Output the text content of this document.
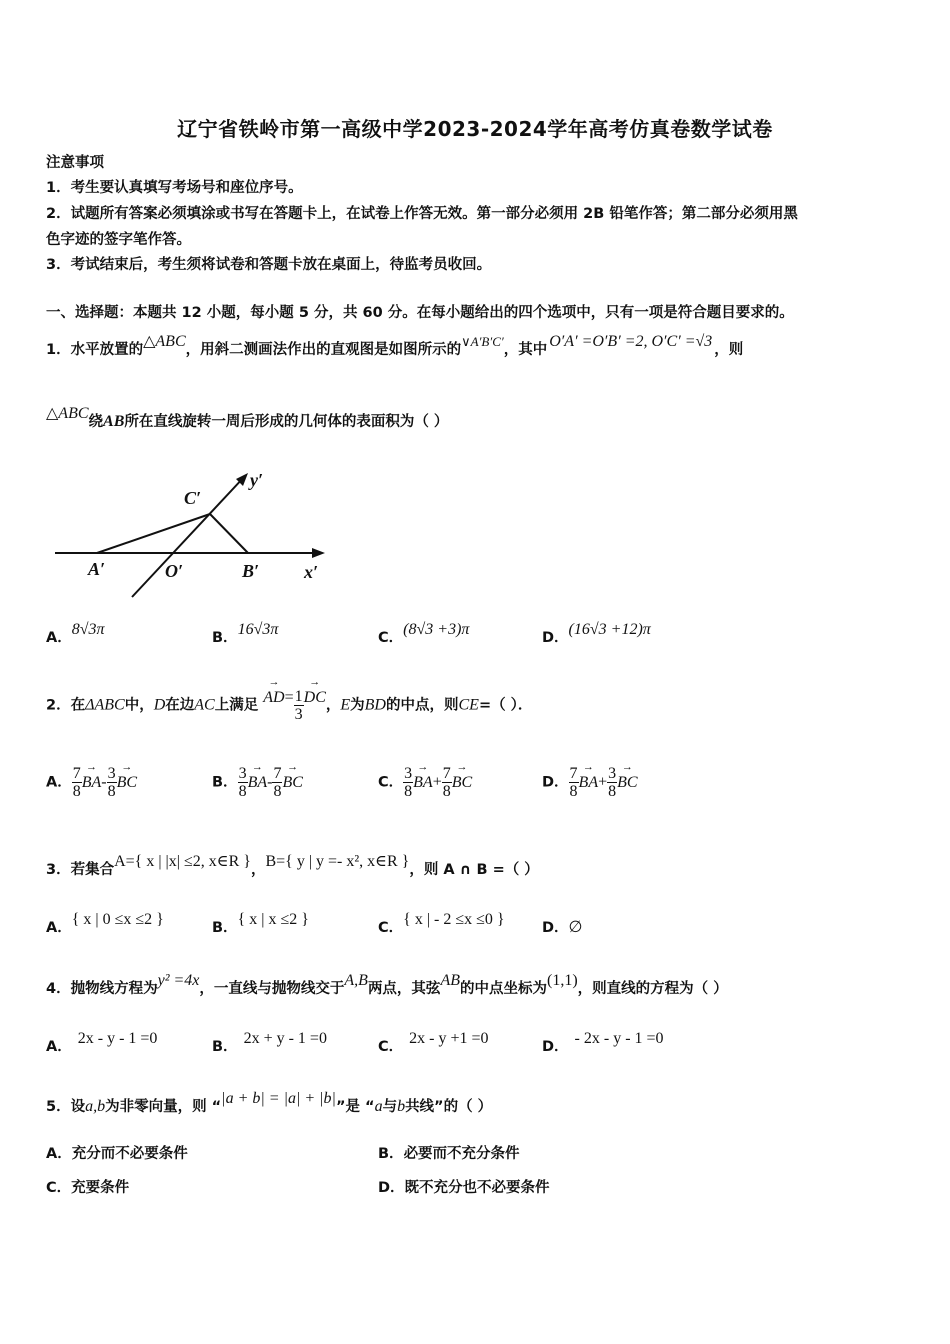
辽宁省铁岭市第一高级中学2023-2024学年高考仿真卷数学试卷
注意事项
1．考生要认真填写考场号和座位序号。
2．试题所有答案必须填涂或书写在答题卡上，在试卷上作答无效。第一部分必须用 2B 铅笔作答；第二部分必须用黑
色字迹的签字笔作答。
3．考试结束后，考生须将试卷和答题卡放在桌面上，待监考员收回。
一、选择题：本题共 12 小题，每小题 5 分，共 60 分。在每小题给出的四个选项中，只有一项是符合题目要求的。
1．水平放置的△ABC，用斜二测画法作出的直观图是如图所示的∨A′B′C′，其中 O′A′ =O′B′ =2, O′C′ =√3 ，则
△ABC绕AB所在直线旋转一周后形成的几何体的表面积为（ ）
C′
y′
A′	O′	B′ x′
A．8√3π	B．16√3π	C．(8√3 +3)π	D．(16√3 +12)π
2．在ΔABC中，D在边AC上满足 → $AD= \frac{1}{3}$
→ DC，E为BD的中点，则CE=（ ）．
A． $\frac{7}{8}$
→ $BA- \frac{3}{8}$
→ BC	B． $\frac{3}{8}$
→ $BA- \frac{7}{8}$
→ BC	C． $\frac{3}{8}$
→ $BA+ \frac{7}{8}$
→ BC	D． $\frac{7}{8}$
→ $BA+ \frac{3}{8}$
→ BC
3．若集合A={ x | |x| ≤2, x∈R }，B={ y | y =- x², x∈R }，则 A ∩ B =（ ）
A．{ x | 0 ≤x ≤2 }	B．{ x | x ≤2 }	C．{ x | - 2 ≤x ≤0 }	D．∅
4．抛物线方程为y² =4x，一直线与抛物线交于A,B两点，其弦AB的中点坐标为(1,1)，则直线的方程为（ ）
A． 2x - y - 1 =0	B． 2x + y - 1 =0	C． 2x - y +1 =0	D． - 2x - y - 1 =0
5．设a,b为非零向量，则 “|a + b| = |a| + |b|”是 “a与b共线”的（ ）
A．充分而不必要条件	B．必要而不充分条件
C．充要条件	D．既不充分也不必要条件
